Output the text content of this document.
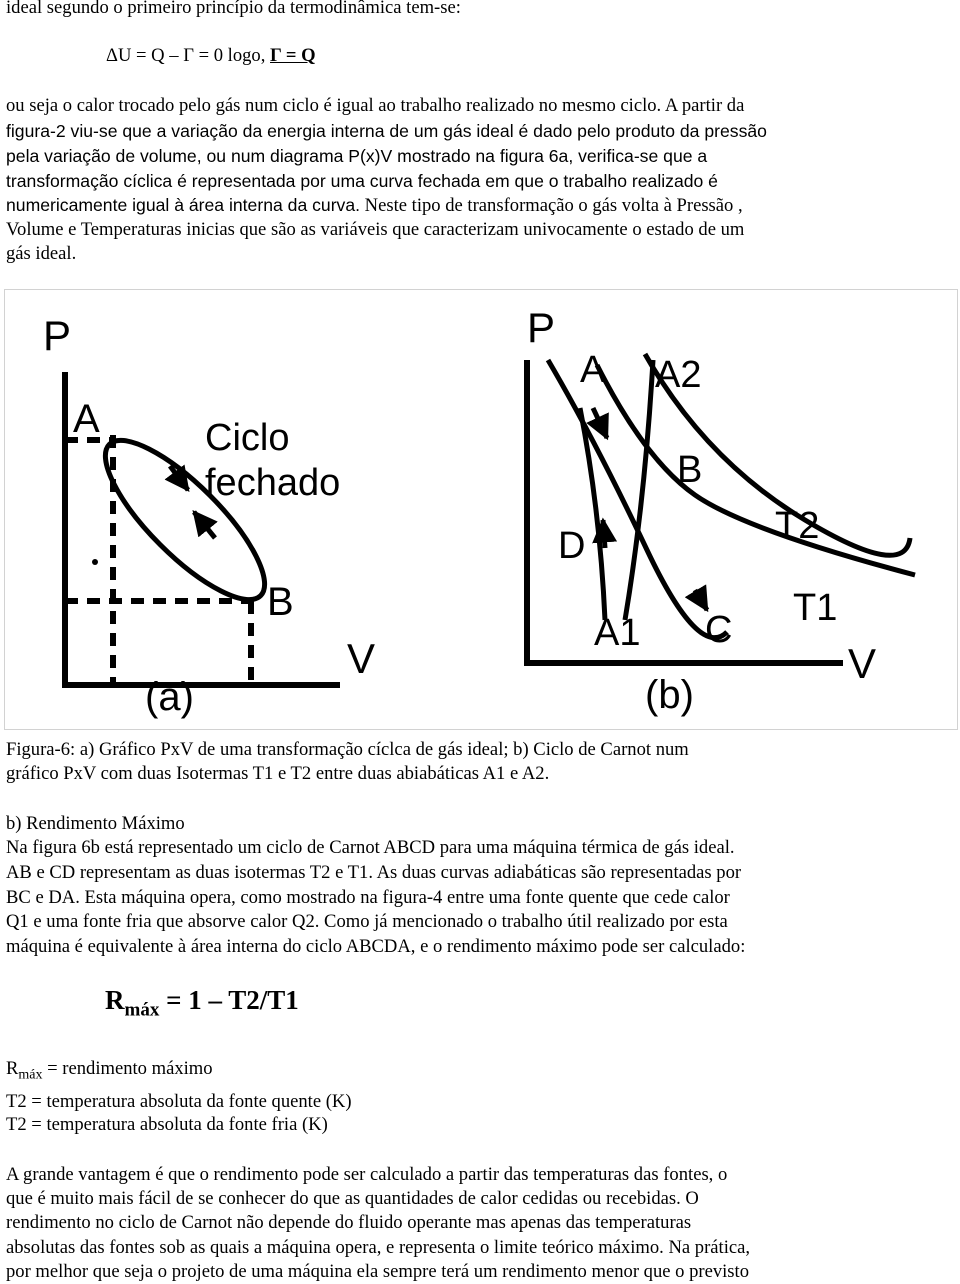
ideal segundo o primeiro princípio da termodinâmica tem-se:
ΔU = Q – Γ = 0 logo, Γ = Q
ou seja o calor trocado pelo gás num ciclo é igual ao trabalho realizado no mesmo ciclo. A partir da
figura-2 viu-se que a variação da energia interna de um gás ideal é dado pelo produto da pressão
pela variação de volume, ou num diagrama P(x)V mostrado na figura 6a, verifica-se que a
transformação cíclica é representada por uma curva fechada em que o trabalho realizado é
numericamente igual à área interna da curva. Neste tipo de transformação o gás volta à Pressão ,
Volume e Temperaturas inicias que são as variáveis que caracterizam univocamente o estado de um
gás ideal.
P
V
A
B
Ciclo
fechado
(a)
P
V
A A2
B
T2
D
T1
A1 C
(b)
Figura-6: a) Gráfico PxV de uma transformação cíclca de gás ideal; b) Ciclo de Carnot num
gráfico PxV com duas Isotermas T1 e T2 entre duas abiabáticas A1 e A2.
b) Rendimento Máximo
Na figura 6b está representado um ciclo de Carnot ABCD para uma máquina térmica de gás ideal.
AB e CD representam as duas isotermas T2 e T1. As duas curvas adiabáticas são representadas por
BC e DA. Esta máquina opera, como mostrado na figura-4 entre uma fonte quente que cede calor
Q1 e uma fonte fria que absorve calor Q2. Como já mencionado o trabalho útil realizado por esta
máquina é equivalente à área interna do ciclo ABCDA, e o rendimento máximo pode ser calculado:
$R_{máx} = 1 - T2/T1$
$R_{máx}$ = rendimento máximo
T2 = temperatura absoluta da fonte quente (K)
T2 = temperatura absoluta da fonte fria (K)
A grande vantagem é que o rendimento pode ser calculado a partir das temperaturas das fontes, o
que é muito mais fácil de se conhecer do que as quantidades de calor cedidas ou recebidas. O
rendimento no ciclo de Carnot não depende do fluido operante mas apenas das temperaturas
absolutas das fontes sob as quais a máquina opera, e representa o limite teórico máximo. Na prática,
por melhor que seja o projeto de uma máquina ela sempre terá um rendimento menor que o previsto
